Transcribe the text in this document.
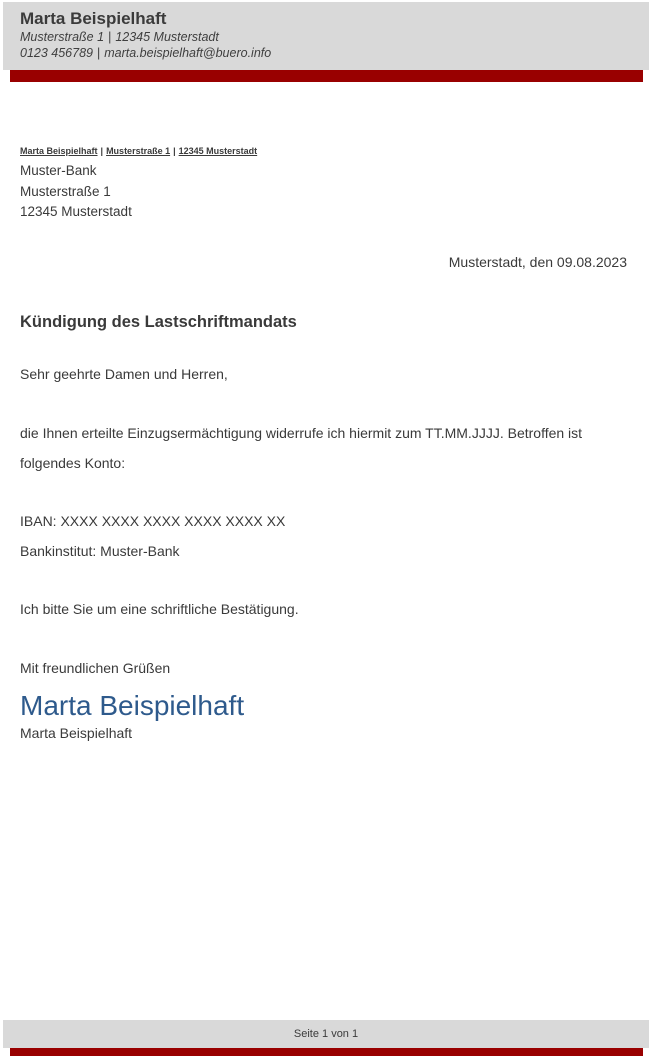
Marta Beispielhaft
Musterstraße 1 | 12345 Musterstadt
0123 456789 | marta.beispielhaft@buero.info
Marta Beispielhaft | Musterstraße 1 | 12345 Musterstadt
Muster-Bank
Musterstraße 1
12345 Musterstadt
Musterstadt, den 09.08.2023
Kündigung des Lastschriftmandats
Sehr geehrte Damen und Herren,
die Ihnen erteilte Einzugsermächtigung widerrufe ich hiermit zum TT.MM.JJJJ. Betroffen ist folgendes Konto:
IBAN: XXXX XXXX XXXX XXXX XXXX XX
Bankinstitut: Muster-Bank
Ich bitte Sie um eine schriftliche Bestätigung.
Mit freundlichen Grüßen
Marta Beispielhaft
Marta Beispielhaft
Seite 1 von 1
